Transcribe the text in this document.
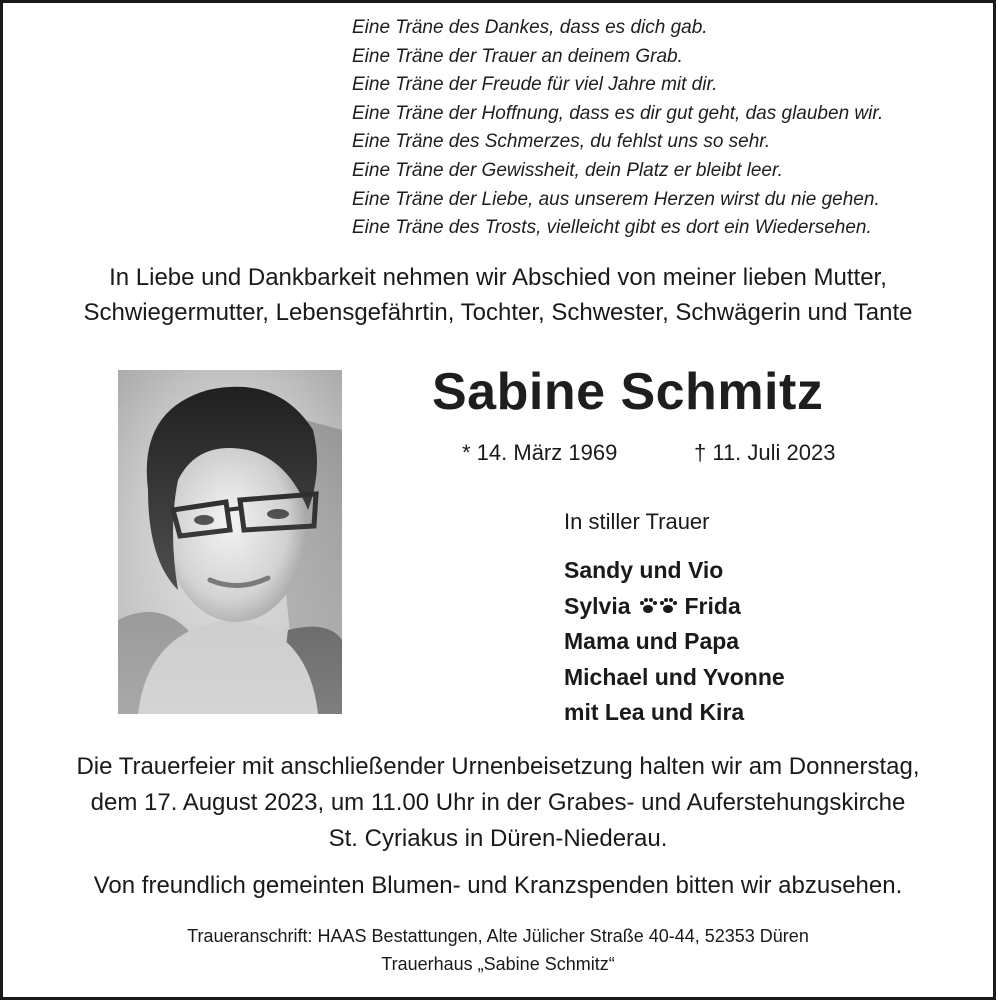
Eine Träne des Dankes, dass es dich gab.
Eine Träne der Trauer an deinem Grab.
Eine Träne der Freude für viel Jahre mit dir.
Eine Träne der Hoffnung, dass es dir gut geht, das glauben wir.
Eine Träne des Schmerzes, du fehlst uns so sehr.
Eine Träne der Gewissheit, dein Platz er bleibt leer.
Eine Träne der Liebe, aus unserem Herzen wirst du nie gehen.
Eine Träne des Trosts, vielleicht gibt es dort ein Wiedersehen.
In Liebe und Dankbarkeit nehmen wir Abschied von meiner lieben Mutter,
Schwiegermutter, Lebensgefährtin, Tochter, Schwester, Schwägerin und Tante
Sabine Schmitz
* 14. März 1969	† 11. Juli 2023
In stiller Trauer
Sandy und Vio
Sylvia Frida
Mama und Papa
Michael und Yvonne
mit Lea und Kira
Die Trauerfeier mit anschließender Urnenbeisetzung halten wir am Donnerstag,
dem 17. August 2023, um 11.00 Uhr in der Grabes- und Auferstehungskirche
St. Cyriakus in Düren-Niederau.
Von freundlich gemeinten Blumen- und Kranzspenden bitten wir abzusehen.
Traueranschrift: HAAS Bestattungen, Alte Jülicher Straße 40-44, 52353 Düren
Trauerhaus „Sabine Schmitz“
